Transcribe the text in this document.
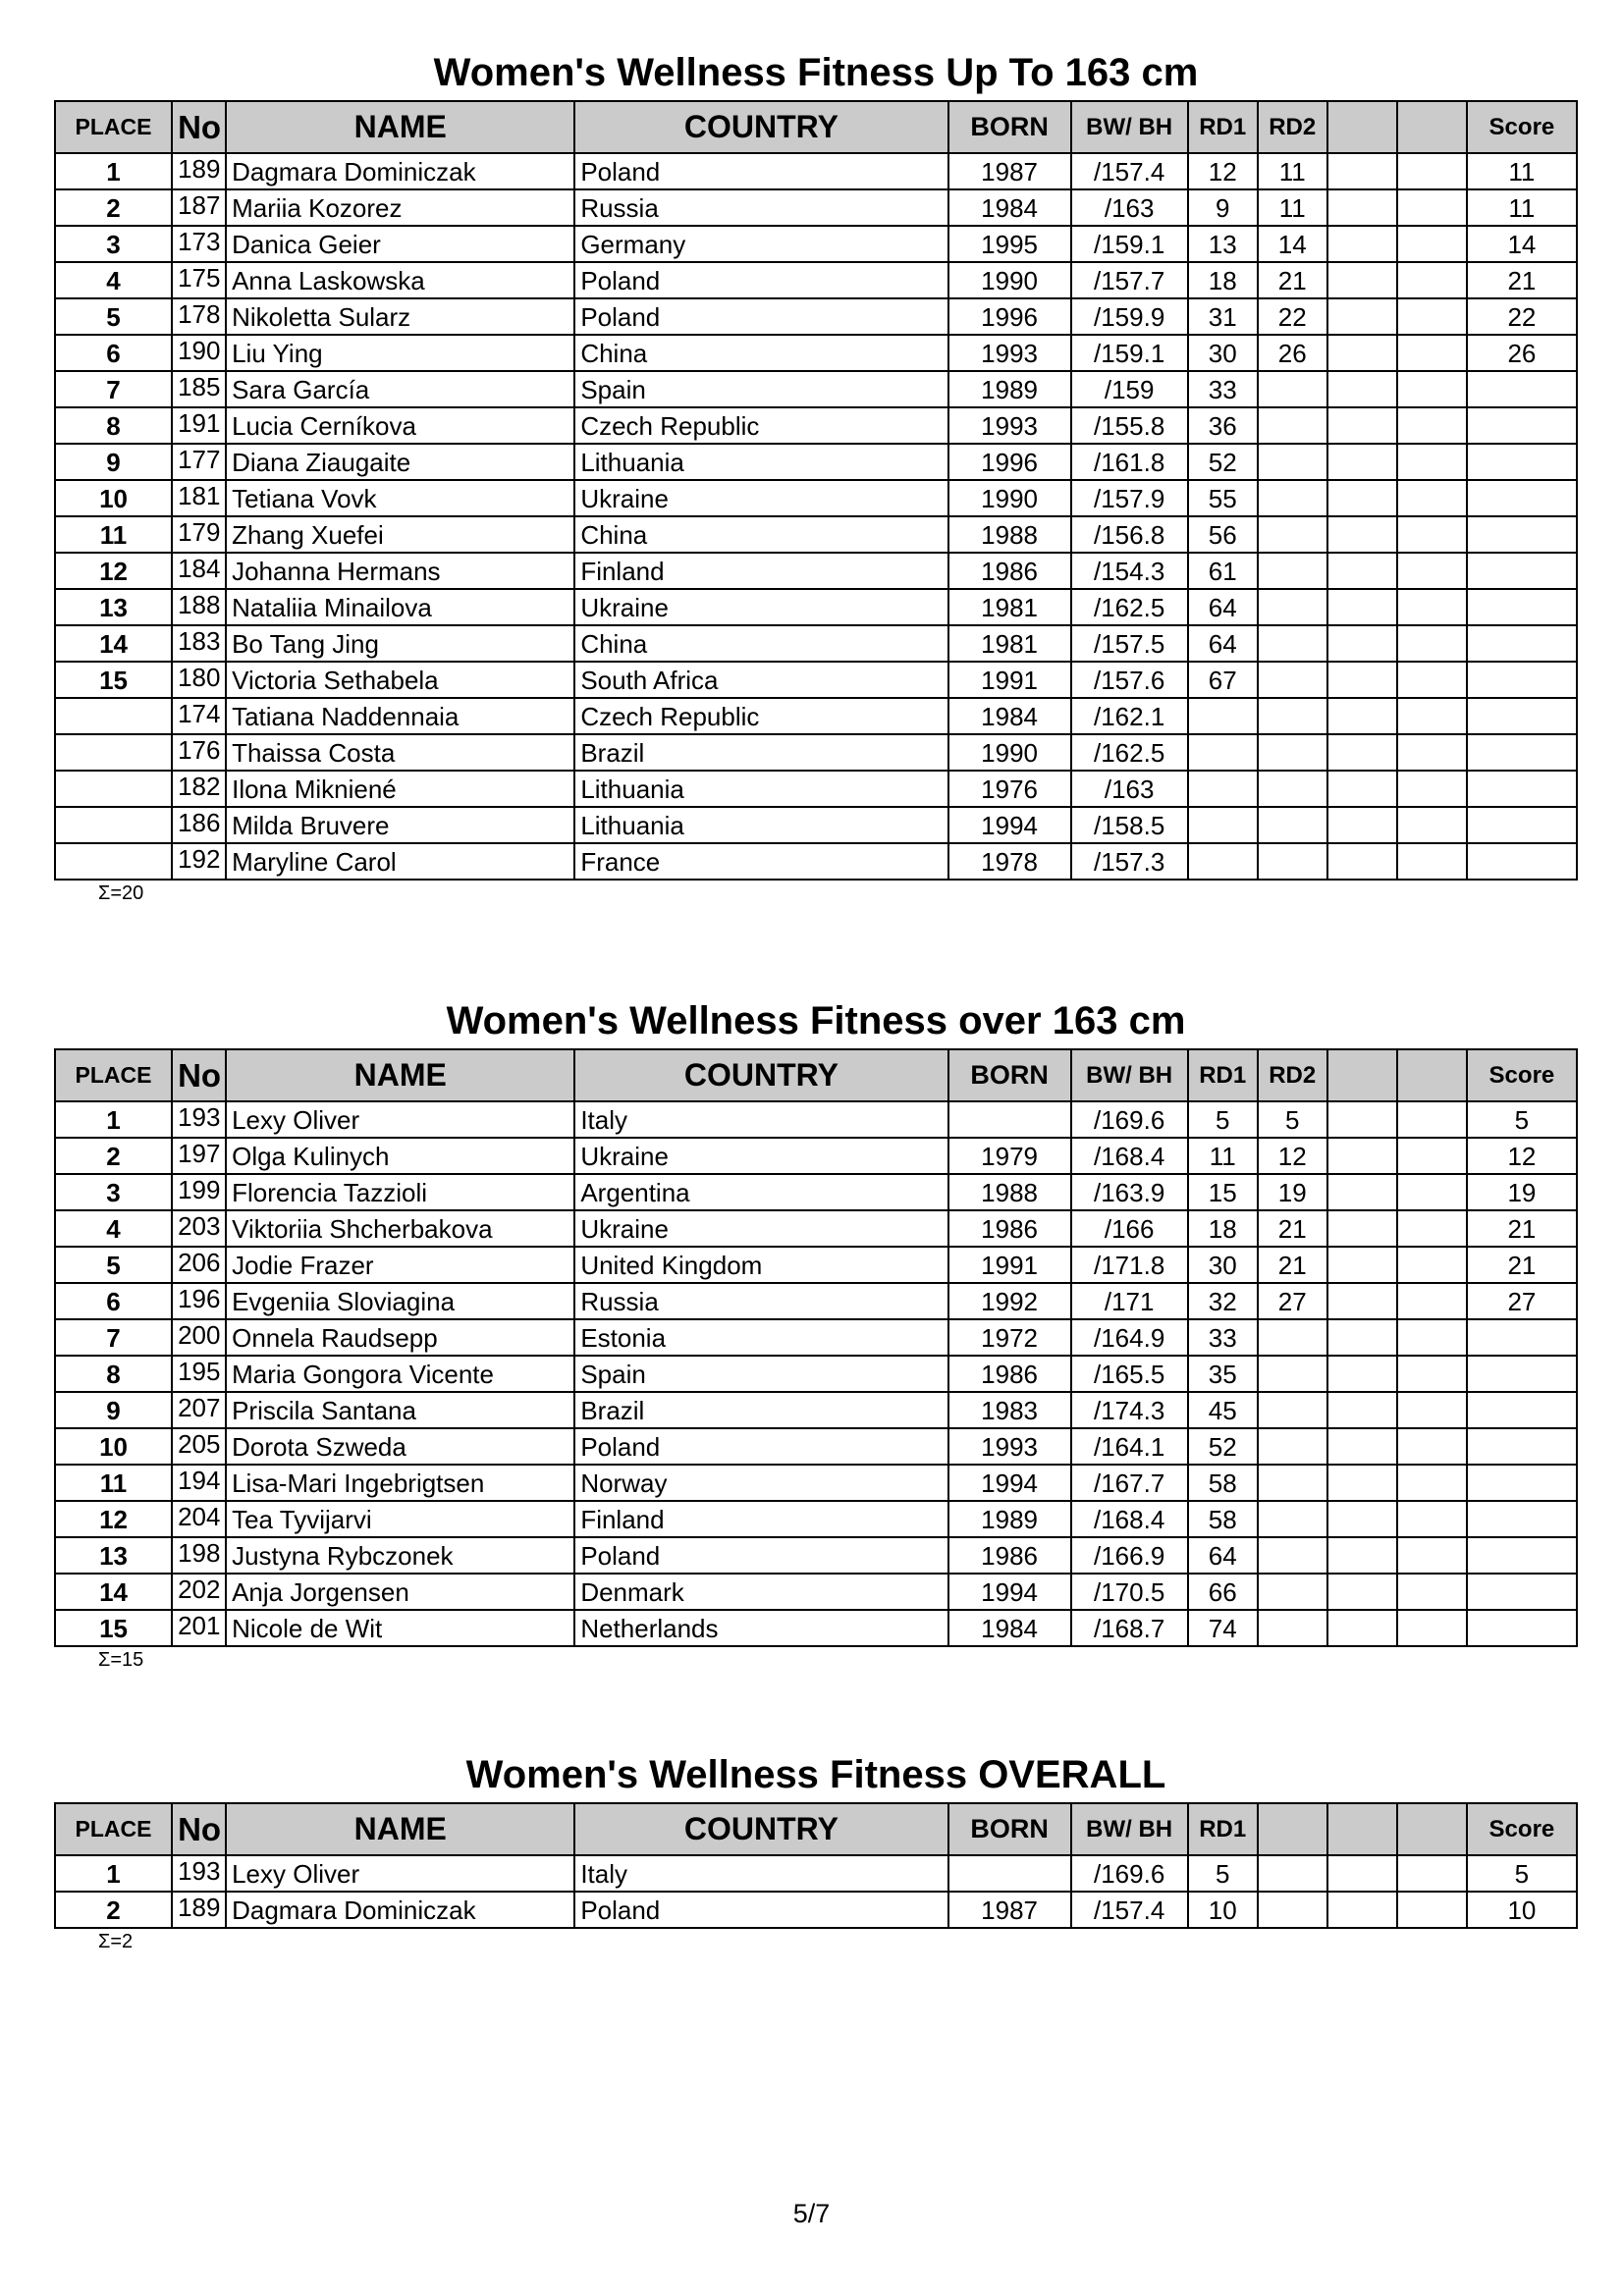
Women's Wellness Fitness Up To 163 cm
PLACE	No	NAME	COUNTRY	BORN	BW/ BH	RD1	RD2			Score
1	189	Dagmara Dominiczak	Poland	1987	/157.4	12	11			11
2	187	Mariia Kozorez	Russia	1984	/163	9	11			11
3	173	Danica Geier	Germany	1995	/159.1	13	14			14
4	175	Anna Laskowska	Poland	1990	/157.7	18	21			21
5	178	Nikoletta Sularz	Poland	1996	/159.9	31	22			22
6	190	Liu Ying	China	1993	/159.1	30	26			26
7	185	Sara García	Spain	1989	/159	33				
8	191	Lucia Cerníkova	Czech Republic	1993	/155.8	36				
9	177	Diana Ziaugaite	Lithuania	1996	/161.8	52				
10	181	Tetiana Vovk	Ukraine	1990	/157.9	55				
11	179	Zhang Xuefei	China	1988	/156.8	56				
12	184	Johanna Hermans	Finland	1986	/154.3	61				
13	188	Nataliia Minailova	Ukraine	1981	/162.5	64				
14	183	Bo Tang Jing	China	1981	/157.5	64				
15	180	Victoria Sethabela	South Africa	1991	/157.6	67				
	174	Tatiana Naddennaia	Czech Republic	1984	/162.1					
	176	Thaissa Costa	Brazil	1990	/162.5					
	182	Ilona Mikniené	Lithuania	1976	/163					
	186	Milda Bruvere	Lithuania	1994	/158.5					
	192	Maryline Carol	France	1978	/157.3					
Σ=20
Women's Wellness Fitness over 163 cm
PLACE	No	NAME	COUNTRY	BORN	BW/ BH	RD1	RD2			Score
1	193	Lexy Oliver	Italy		/169.6	5	5			5
2	197	Olga Kulinych	Ukraine	1979	/168.4	11	12			12
3	199	Florencia Tazzioli	Argentina	1988	/163.9	15	19			19
4	203	Viktoriia Shcherbakova	Ukraine	1986	/166	18	21			21
5	206	Jodie Frazer	United Kingdom	1991	/171.8	30	21			21
6	196	Evgeniia Sloviagina	Russia	1992	/171	32	27			27
7	200	Onnela Raudsepp	Estonia	1972	/164.9	33				
8	195	Maria Gongora Vicente	Spain	1986	/165.5	35				
9	207	Priscila Santana	Brazil	1983	/174.3	45				
10	205	Dorota Szweda	Poland	1993	/164.1	52				
11	194	Lisa-Mari Ingebrigtsen	Norway	1994	/167.7	58				
12	204	Tea Tyvijarvi	Finland	1989	/168.4	58				
13	198	Justyna Rybczonek	Poland	1986	/166.9	64				
14	202	Anja Jorgensen	Denmark	1994	/170.5	66				
15	201	Nicole de Wit	Netherlands	1984	/168.7	74				
Σ=15
Women's Wellness Fitness OVERALL
PLACE	No	NAME	COUNTRY	BORN	BW/ BH	RD1				Score
1	193	Lexy Oliver	Italy		/169.6	5				5
2	189	Dagmara Dominiczak	Poland	1987	/157.4	10				10
Σ=2
5/7
